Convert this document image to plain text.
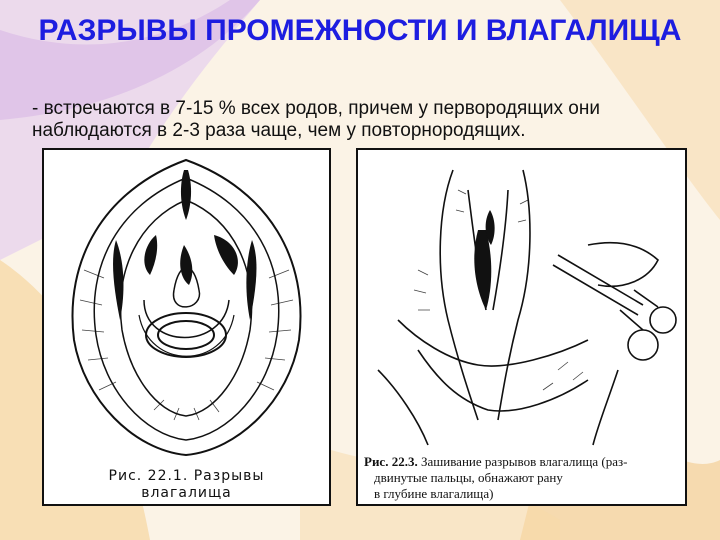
РАЗРЫВЫ ПРОМЕЖНОСТИ И ВЛАГАЛИЩА
- встречаются в 7-15 % всех родов, причем у первородящих они
наблюдаются в 2-3 раза чаще, чем у повторнородящих.
Рис. 22.1. Разрывы
влагалища
Рис. 22.3. Зашивание разрывов влагалища (раз-
двинутые пальцы, обнажают рану
в глубине влагалища)
